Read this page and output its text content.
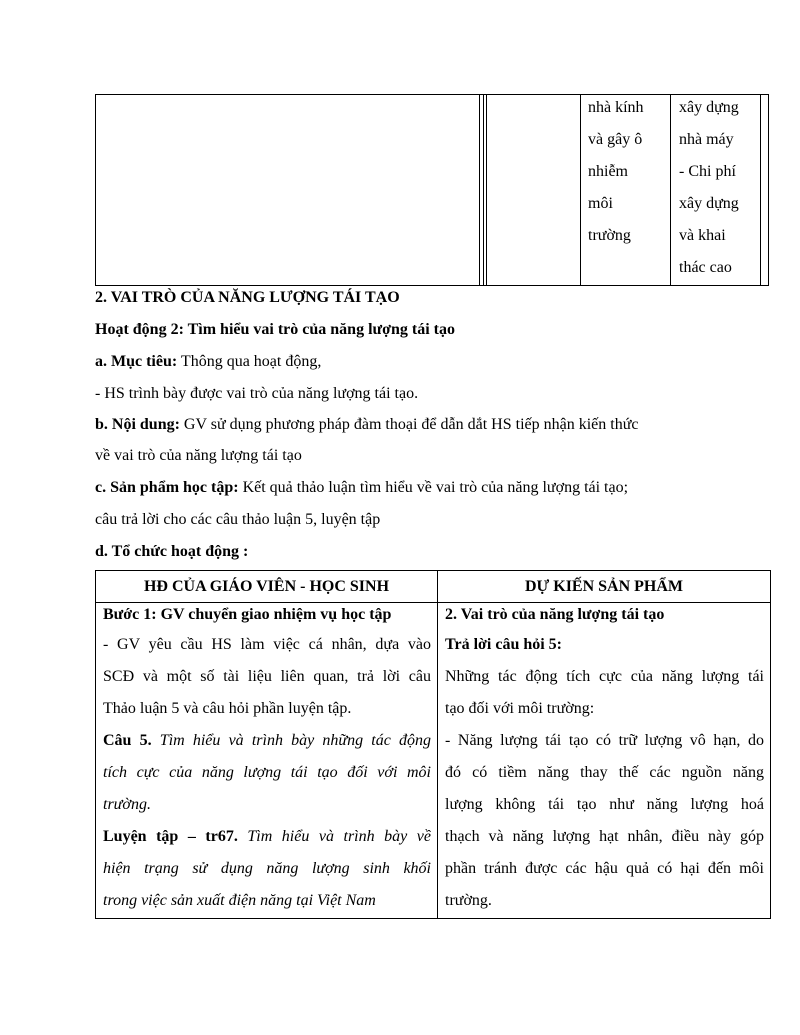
nhà kính
và gây ô
nhiễm
môi
trường
xây dựng
nhà máy
- Chi phí
xây dựng
và khai
thác cao
2. VAI TRÒ CỦA NĂNG LƯỢNG TÁI TẠO
Hoạt động 2: Tìm hiểu vai trò của năng lượng tái tạo
a. Mục tiêu: Thông qua hoạt động,
- HS trình bày được vai trò của năng lượng tái tạo.
b. Nội dung: GV sử dụng phương pháp đàm thoại để dẫn dắt HS tiếp nhận kiến thức
về vai trò của năng lượng tái tạo
c. Sản phẩm học tập: Kết quả thảo luận tìm hiểu về vai trò của năng lượng tái tạo;
câu trả lời cho các câu thảo luận 5, luyện tập
d. Tổ chức hoạt động :
HĐ CỦA GIÁO VIÊN - HỌC SINH	DỰ KIẾN SẢN PHẨM
Bước 1: GV chuyển giao nhiệm vụ học tập
- GV yêu cầu HS làm việc cá nhân, dựa vào
SCĐ và một số tài liệu liên quan, trả lời câu
Thảo luận 5 và câu hỏi phần luyện tập.
Câu 5. Tìm hiểu và trình bày những tác động
tích cực của năng lượng tái tạo đối với môi
trường.
Luyện tập – tr67. Tìm hiểu và trình bày về
hiện trạng sử dụng năng lượng sinh khối
trong việc sản xuất điện năng tại Việt Nam
2. Vai trò của năng lượng tái tạo
Trả lời câu hỏi 5:
Những tác động tích cực của năng lượng tái
tạo đối với môi trường:
- Năng lượng tái tạo có trữ lượng vô hạn, do
đó có tiềm năng thay thế các nguồn năng
lượng không tái tạo như năng lượng hoá
thạch và năng lượng hạt nhân, điều này góp
phần tránh được các hậu quả có hại đến môi
trường.
